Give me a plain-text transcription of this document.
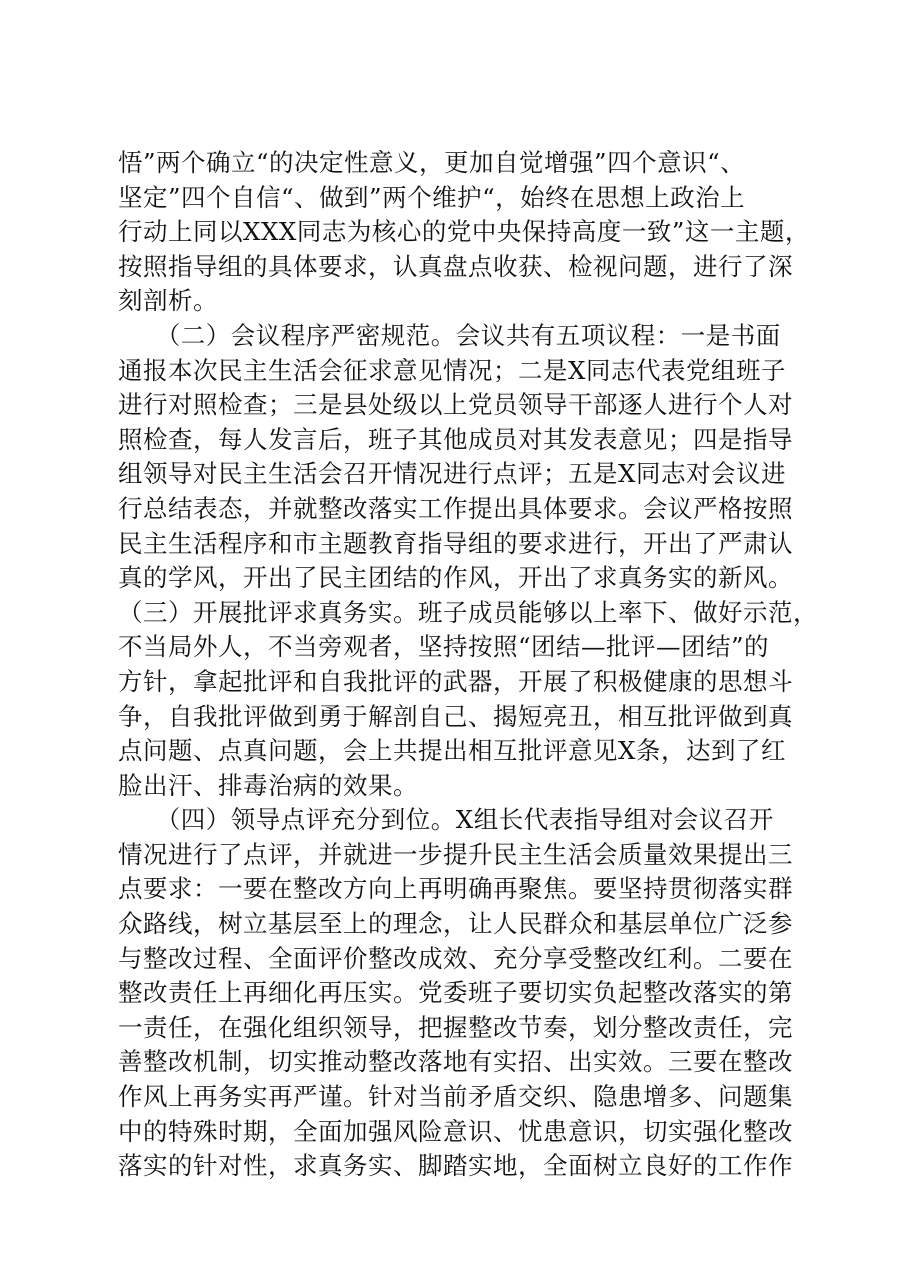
悟”两个确立“的决定性意义，更加自觉增强”四个意识“、
坚定”四个自信“、做到”两个维护“，始终在思想上政治上
行动上同以XXX同志为核心的党中央保持高度一致”这一主题，
按照指导组的具体要求，认真盘点收获、检视问题，进行了深
刻剖析。
　　（二）会议程序严密规范。会议共有五项议程：一是书面
通报本次民主生活会征求意见情况；二是X同志代表党组班子
进行对照检查；三是县处级以上党员领导干部逐人进行个人对
照检查，每人发言后，班子其他成员对其发表意见；四是指导
组领导对民主生活会召开情况进行点评；五是X同志对会议进
行总结表态，并就整改落实工作提出具体要求。会议严格按照
民主生活程序和市主题教育指导组的要求进行，开出了严肃认
真的学风，开出了民主团结的作风，开出了求真务实的新风。
（三）开展批评求真务实。班子成员能够以上率下、做好示范，
不当局外人，不当旁观者，坚持按照“团结—批评—团结”的
方针，拿起批评和自我批评的武器，开展了积极健康的思想斗
争，自我批评做到勇于解剖自己、揭短亮丑，相互批评做到真
点问题、点真问题，会上共提出相互批评意见X条，达到了红
脸出汗、排毒治病的效果。
　　（四）领导点评充分到位。X组长代表指导组对会议召开
情况进行了点评，并就进一步提升民主生活会质量效果提出三
点要求：一要在整改方向上再明确再聚焦。要坚持贯彻落实群
众路线，树立基层至上的理念，让人民群众和基层单位广泛参
与整改过程、全面评价整改成效、充分享受整改红利。二要在
整改责任上再细化再压实。党委班子要切实负起整改落实的第
一责任，在强化组织领导，把握整改节奏，划分整改责任，完
善整改机制，切实推动整改落地有实招、出实效。三要在整改
作风上再务实再严谨。针对当前矛盾交织、隐患增多、问题集
中的特殊时期，全面加强风险意识、忧患意识，切实强化整改
落实的针对性，求真务实、脚踏实地，全面树立良好的工作作
